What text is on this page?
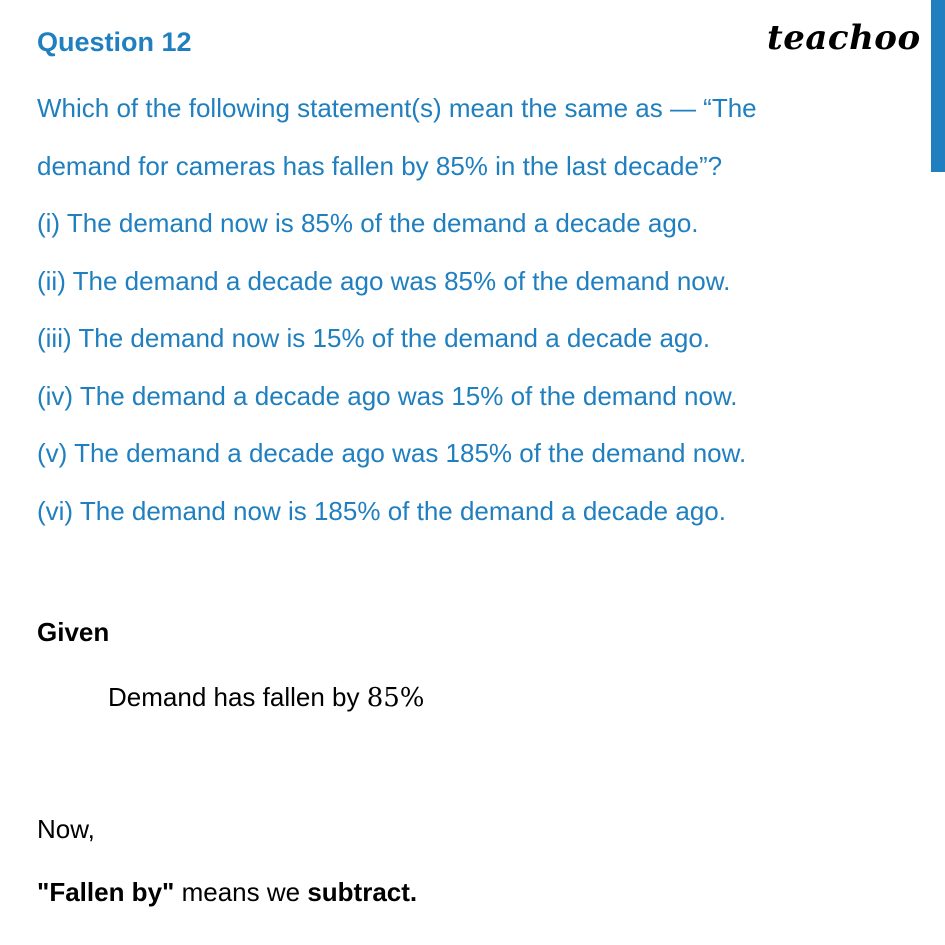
Question 12	teachoo
Which of the following statement(s) mean the same as — “The
demand for cameras has fallen by 85% in the last decade”?
(i) The demand now is 85% of the demand a decade ago.
(ii) The demand a decade ago was 85% of the demand now.
(iii) The demand now is 15% of the demand a decade ago.
(iv) The demand a decade ago was 15% of the demand now.
(v) The demand a decade ago was 185% of the demand now.
(vi) The demand now is 185% of the demand a decade ago.

Given

Demand has fallen by 85%

Now,

"Fallen by" means we subtract.
